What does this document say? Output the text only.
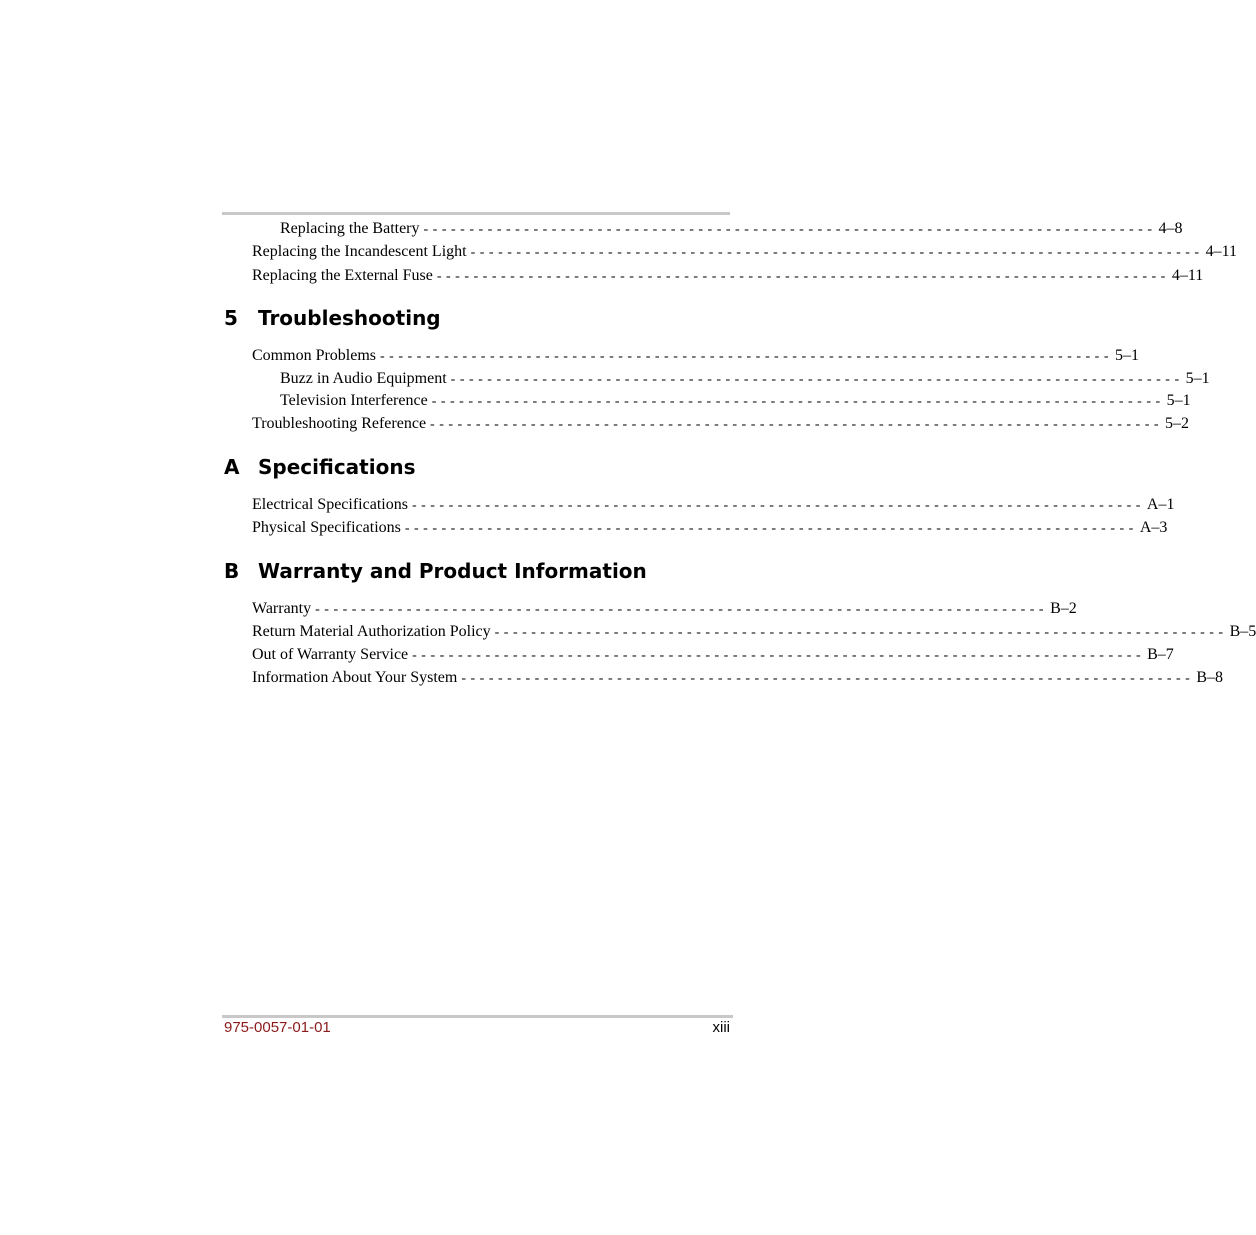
Replacing the Battery - - - - - - - - - - - - - - - - - - - - - - - - - - - - - - - - - - - - - - - - - - - - - - - - - - - - - - - - - - - - - - - - - - - - - - - - - - - - - - - - 4–8
Replacing the Incandescent Light - - - - - - - - - - - - - - - - - - - - - - - - - - - - - - - - - - - - - - - - - - - - - - - - - - - - - - - - - - - - - - - - - - - - - - - - - - - - - - - - 4–11
Replacing the External Fuse - - - - - - - - - - - - - - - - - - - - - - - - - - - - - - - - - - - - - - - - - - - - - - - - - - - - - - - - - - - - - - - - - - - - - - - - - - - - - - - - 4–11
5	Troubleshooting
Common Problems - - - - - - - - - - - - - - - - - - - - - - - - - - - - - - - - - - - - - - - - - - - - - - - - - - - - - - - - - - - - - - - - - - - - - - - - - - - - - - - - 5–1
Buzz in Audio Equipment - - - - - - - - - - - - - - - - - - - - - - - - - - - - - - - - - - - - - - - - - - - - - - - - - - - - - - - - - - - - - - - - - - - - - - - - - - - - - - - - 5–1
Television Interference - - - - - - - - - - - - - - - - - - - - - - - - - - - - - - - - - - - - - - - - - - - - - - - - - - - - - - - - - - - - - - - - - - - - - - - - - - - - - - - - 5–1
Troubleshooting Reference - - - - - - - - - - - - - - - - - - - - - - - - - - - - - - - - - - - - - - - - - - - - - - - - - - - - - - - - - - - - - - - - - - - - - - - - - - - - - - - - 5–2
A Specifications
Electrical Specifications - - - - - - - - - - - - - - - - - - - - - - - - - - - - - - - - - - - - - - - - - - - - - - - - - - - - - - - - - - - - - - - - - - - - - - - - - - - - - - - - A–1
Physical Specifications - - - - - - - - - - - - - - - - - - - - - - - - - - - - - - - - - - - - - - - - - - - - - - - - - - - - - - - - - - - - - - - - - - - - - - - - - - - - - - - - A–3
B Warranty and Product Information
Warranty - - - - - - - - - - - - - - - - - - - - - - - - - - - - - - - - - - - - - - - - - - - - - - - - - - - - - - - - - - - - - - - - - - - - - - - - - - - - - - - - B–2
Return Material Authorization Policy - - - - - - - - - - - - - - - - - - - - - - - - - - - - - - - - - - - - - - - - - - - - - - - - - - - - - - - - - - - - - - - - - - - - - - - - - - - - - - - - B–5
Out of Warranty Service - - - - - - - - - - - - - - - - - - - - - - - - - - - - - - - - - - - - - - - - - - - - - - - - - - - - - - - - - - - - - - - - - - - - - - - - - - - - - - - - B–7
Information About Your System - - - - - - - - - - - - - - - - - - - - - - - - - - - - - - - - - - - - - - - - - - - - - - - - - - - - - - - - - - - - - - - - - - - - - - - - - - - - - - - - B–8
975-0057-01-01	xiii
